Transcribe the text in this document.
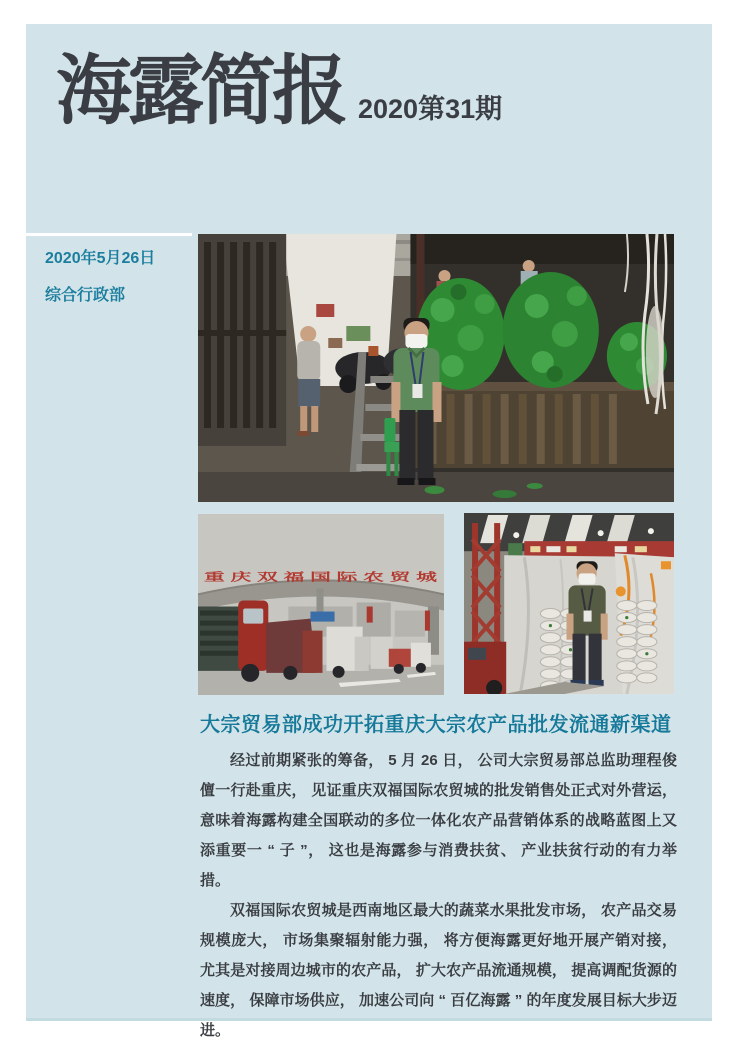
海露简报 2020第31期

2020年5月26日

综合行政部

重 庆 双 福 国 际 农 贸 城
大宗贸易部成功开拓重庆大宗农产品批发流通新渠道

经过前期紧张的筹备， 5 月 26 日， 公司大宗贸易部总监助理程俊儃一行赴重庆， 见证重庆双福国际农贸城的批发销售处正式对外营运， 意味着海露构建全国联动的多位一体化农产品营销体系的战略蓝图上又添重要一 “ 子 ”， 这也是海露参与消费扶贫、 产业扶贫行动的有力举措。

双福国际农贸城是西南地区最大的蔬菜水果批发市场， 农产品交易规模庞大， 市场集聚辐射能力强， 将方便海露更好地开展产销对接， 尤其是对接周边城市的农产品， 扩大农产品流通规模， 提高调配货源的速度， 保障市场供应， 加速公司向 “ 百亿海露 ” 的年度发展目标大步迈进。
